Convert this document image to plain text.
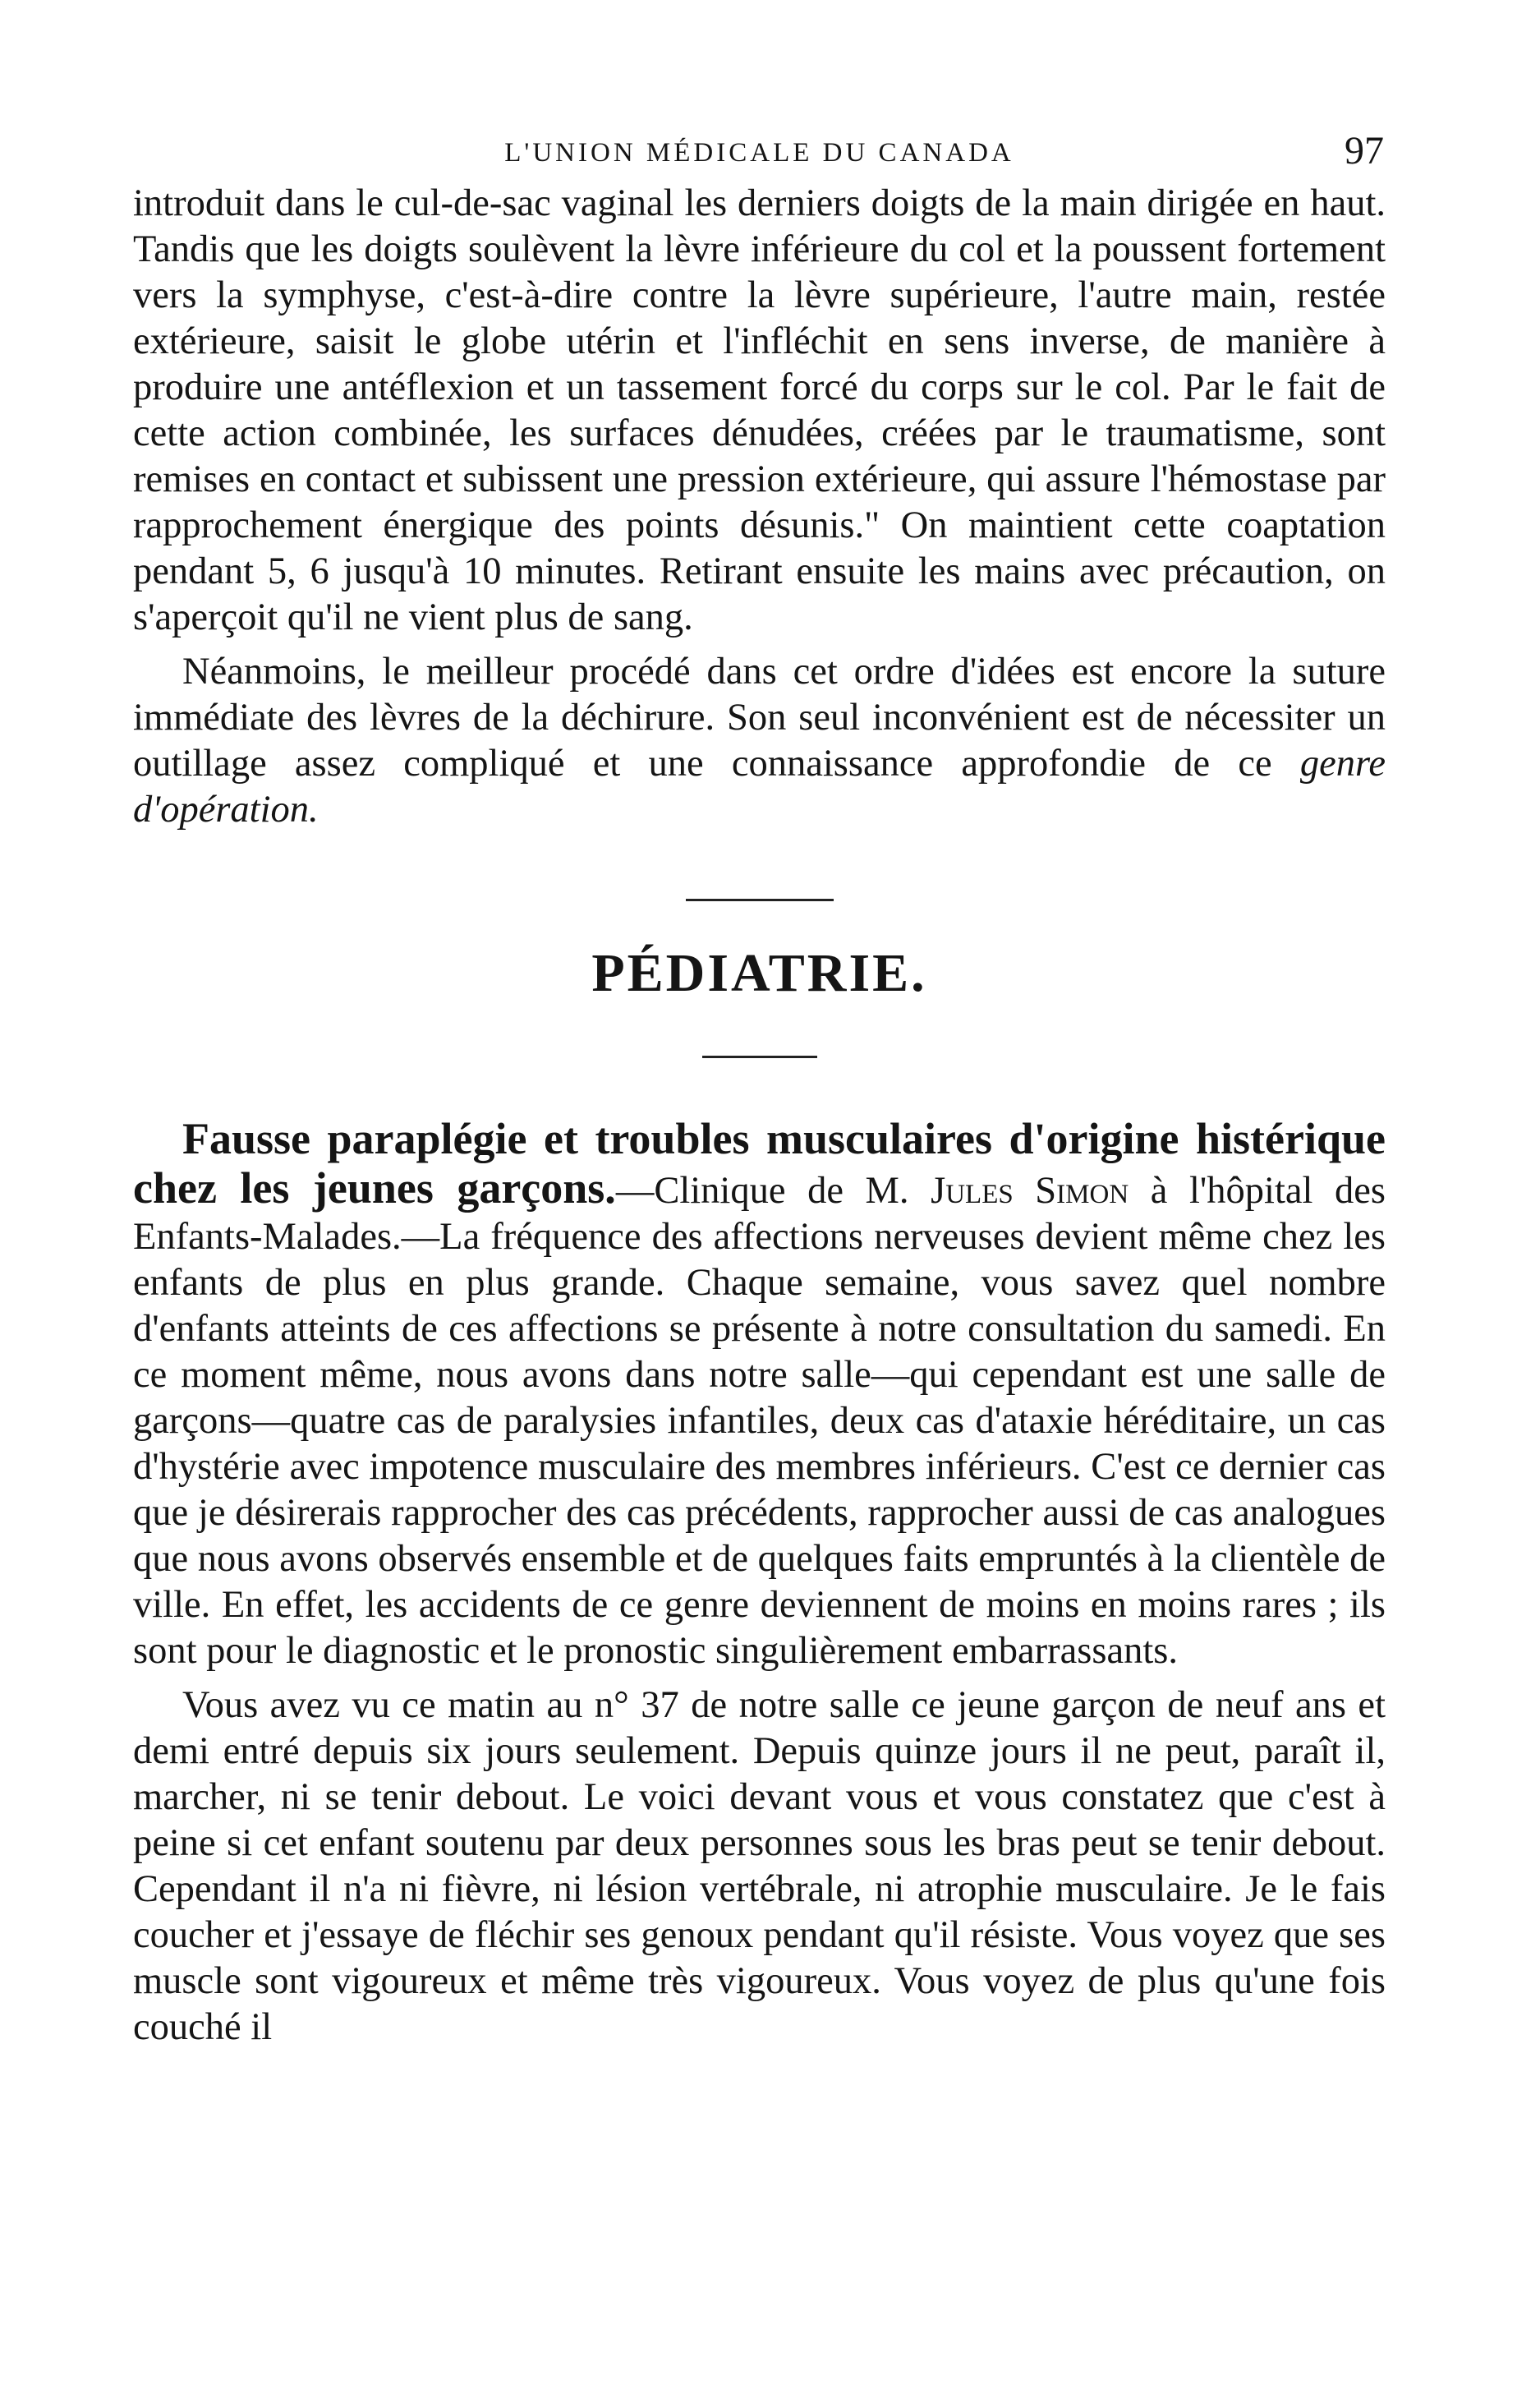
L'UNION MÉDICALE DU CANADA	97

introduit dans le cul-de-sac vaginal les derniers doigts de la main dirigée en haut. Tandis que les doigts soulèvent la lèvre inférieure du col et la poussent fortement vers la symphyse, c'est-à-dire contre la lèvre supérieure, l'autre main, restée extérieure, saisit le globe utérin et l'infléchit en sens inverse, de manière à produire une antéflexion et un tassement forcé du corps sur le col. Par le fait de cette action combinée, les surfaces dénudées, créées par le traumatisme, sont remises en contact et subissent une pression extérieure, qui assure l'hémostase par rapprochement énergique des points désunis." On maintient cette coaptation pendant 5, 6 jusqu'à 10 minutes. Retirant ensuite les mains avec précaution, on s'aperçoit qu'il ne vient plus de sang.

Néanmoins, le meilleur procédé dans cet ordre d'idées est encore la suture immédiate des lèvres de la déchirure. Son seul inconvénient est de nécessiter un outillage assez compliqué et une connaissance approfondie de ce genre d'opération.

PÉDIATRIE.

Fausse paraplégie et troubles musculaires d'origine histérique chez les jeunes garçons.—Clinique de M. Jules Simon à l'hôpital des Enfants-Malades.—La fréquence des affections nerveuses devient même chez les enfants de plus en plus grande. Chaque semaine, vous savez quel nombre d'enfants atteints de ces affections se présente à notre consultation du samedi. En ce moment même, nous avons dans notre salle—qui cependant est une salle de garçons—quatre cas de paralysies infantiles, deux cas d'ataxie héréditaire, un cas d'hystérie avec impotence musculaire des membres inférieurs. C'est ce dernier cas que je désirerais rapprocher des cas précédents, rapprocher aussi de cas analogues que nous avons observés ensemble et de quelques faits empruntés à la clientèle de ville. En effet, les accidents de ce genre deviennent de moins en moins rares ; ils sont pour le diagnostic et le pronostic singulièrement embarrassants.

Vous avez vu ce matin au n° 37 de notre salle ce jeune garçon de neuf ans et demi entré depuis six jours seulement. Depuis quinze jours il ne peut, paraît il, marcher, ni se tenir debout. Le voici devant vous et vous constatez que c'est à peine si cet enfant soutenu par deux personnes sous les bras peut se tenir debout. Cependant il n'a ni fièvre, ni lésion vertébrale, ni atrophie musculaire. Je le fais coucher et j'essaye de fléchir ses genoux pendant qu'il résiste. Vous voyez que ses muscle sont vigoureux et même très vigoureux. Vous voyez de plus qu'une fois couché il
